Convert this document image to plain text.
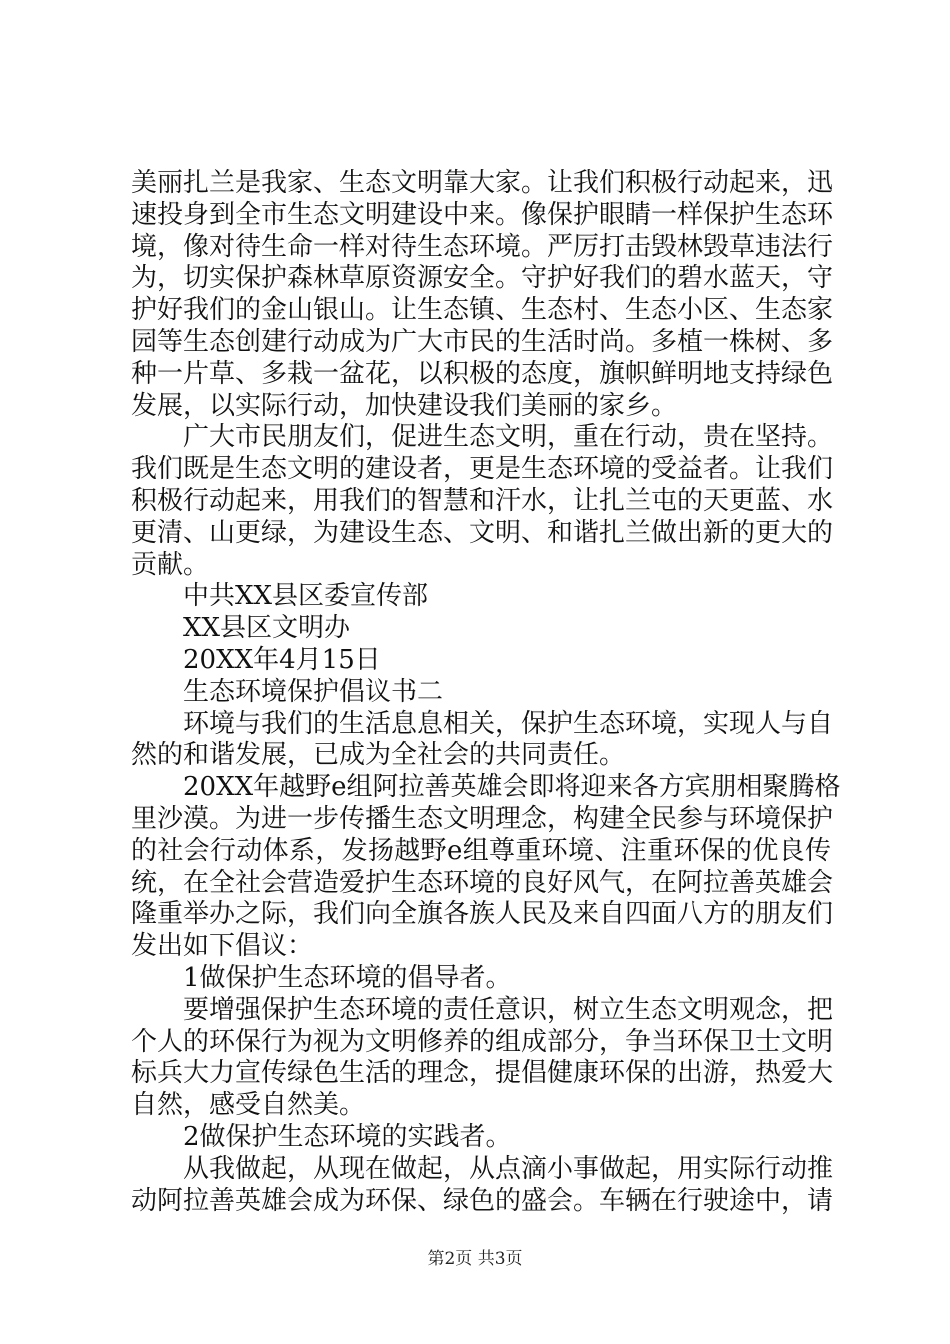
美丽扎兰是我家、生态文明靠大家。让我们积极行动起来，迅
速投身到全市生态文明建设中来。像保护眼睛一样保护生态环
境，像对待生命一样对待生态环境。严厉打击毁林毁草违法行
为，切实保护森林草原资源安全。守护好我们的碧水蓝天，守
护好我们的金山银山。让生态镇、生态村、生态小区、生态家
园等生态创建行动成为广大市民的生活时尚。多植一株树、多
种一片草、多栽一盆花，以积极的态度，旗帜鲜明地支持绿色
发展，以实际行动，加快建设我们美丽的家乡。
广大市民朋友们，促进生态文明，重在行动，贵在坚持。
我们既是生态文明的建设者，更是生态环境的受益者。让我们
积极行动起来，用我们的智慧和汗水，让扎兰屯的天更蓝、水
更清、山更绿，为建设生态、文明、和谐扎兰做出新的更大的
贡献。
中共XX县区委宣传部
XX县区文明办
20XX年4月15日
生态环境保护倡议书二
环境与我们的生活息息相关，保护生态环境，实现人与自
然的和谐发展，已成为全社会的共同责任。
20XX年越野e组阿拉善英雄会即将迎来各方宾朋相聚腾格
里沙漠。为进一步传播生态文明理念，构建全民参与环境保护
的社会行动体系，发扬越野e组尊重环境、注重环保的优良传
统，在全社会营造爱护生态环境的良好风气，在阿拉善英雄会
隆重举办之际，我们向全旗各族人民及来自四面八方的朋友们
发出如下倡议：
1做保护生态环境的倡导者。
要增强保护生态环境的责任意识，树立生态文明观念，把
个人的环保行为视为文明修养的组成部分，争当环保卫士文明
标兵大力宣传绿色生活的理念，提倡健康环保的出游，热爱大
自然，感受自然美。
2做保护生态环境的实践者。
从我做起，从现在做起，从点滴小事做起，用实际行动推
动阿拉善英雄会成为环保、绿色的盛会。车辆在行驶途中，请
第2页 共3页
